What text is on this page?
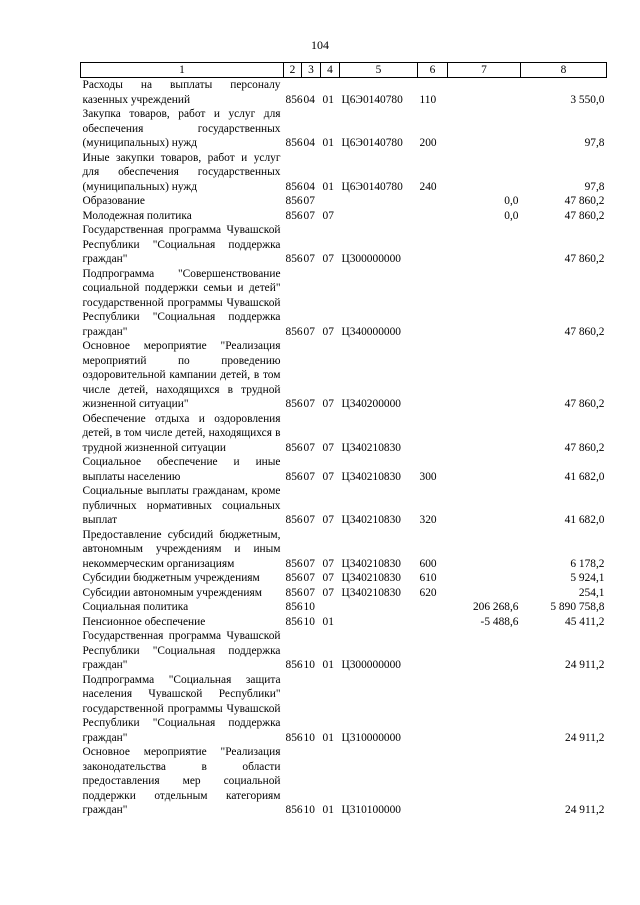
104
1	2	3	4	5	6	7	8
Расходы на выплаты персоналу казенных учреждений	856	04	01	Ц6Э0140780	110		3 550,0
Закупка товаров, работ и услуг для обеспечения государственных (муниципальных) нужд	856	04	01	Ц6Э0140780	200		97,8
Иные закупки товаров, работ и услуг для обеспечения государственных (муниципальных) нужд	856	04	01	Ц6Э0140780	240		97,8
Образование	856	07				0,0	47 860,2
Молодежная политика	856	07	07			0,0	47 860,2
Государственная программа Чувашской Республики "Социальная поддержка граждан"	856	07	07	Ц300000000			47 860,2
Подпрограмма "Совершенствование социальной поддержки семьи и детей" государственной программы Чувашской Республики "Социальная поддержка граждан"	856	07	07	Ц340000000			47 860,2
Основное мероприятие "Реализация мероприятий по проведению оздоровительной кампании детей, в том числе детей, находящихся в трудной жизненной ситуации"	856	07	07	Ц340200000			47 860,2
Обеспечение отдыха и оздоровления детей, в том числе детей, находящихся в трудной жизненной ситуации	856	07	07	Ц340210830			47 860,2
Социальное обеспечение и иные выплаты населению	856	07	07	Ц340210830	300		41 682,0
Социальные выплаты гражданам, кроме публичных нормативных социальных выплат	856	07	07	Ц340210830	320		41 682,0
Предоставление субсидий бюджетным, автономным учреждениям и иным некоммерческим организациям	856	07	07	Ц340210830	600		6 178,2
Субсидии бюджетным учреждениям	856	07	07	Ц340210830	610		5 924,1
Субсидии автономным учреждениям	856	07	07	Ц340210830	620		254,1
Социальная политика	856	10				206 268,6	5 890 758,8
Пенсионное обеспечение	856	10	01			-5 488,6	45 411,2
Государственная программа Чувашской Республики "Социальная поддержка граждан"	856	10	01	Ц300000000			24 911,2
Подпрограмма "Социальная защита населения Чувашской Республики" государственной программы Чувашской Республики "Социальная поддержка граждан"	856	10	01	Ц310000000			24 911,2
Основное мероприятие "Реализация законодательства в области предоставления мер социальной поддержки отдельным категориям граждан"	856	10	01	Ц310100000			24 911,2
